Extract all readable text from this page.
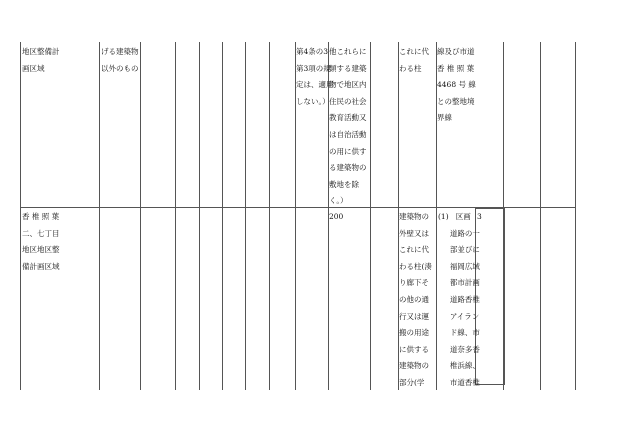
地区整備計
画区域
げる建築物
以外のもの
第4条の3
第3項の規
定は、適用
しない。）
他これらに
類する建築
物で地区内
住民の社会
教育活動又
は自治活動
の用に供す
る建築物の
敷地を除
く。）
これに代
わる柱
線及び市道
香 椎 照 葉
4468 号 線
との整地境
界線
香 椎 照 葉
二、七丁目
地区地区整
備計画区域
200	建築物の
外壁又は
これに代
わる柱(湊
り廊下そ
の他の通
行又は運
搬の用途
に供する
建築物の
部分(学
(1)   区画
道路の一
部並びに
福岡広域
都市計画
道路香椎
アイラン
ド線、市
道奈多香
椎浜線、
市道香椎
3
